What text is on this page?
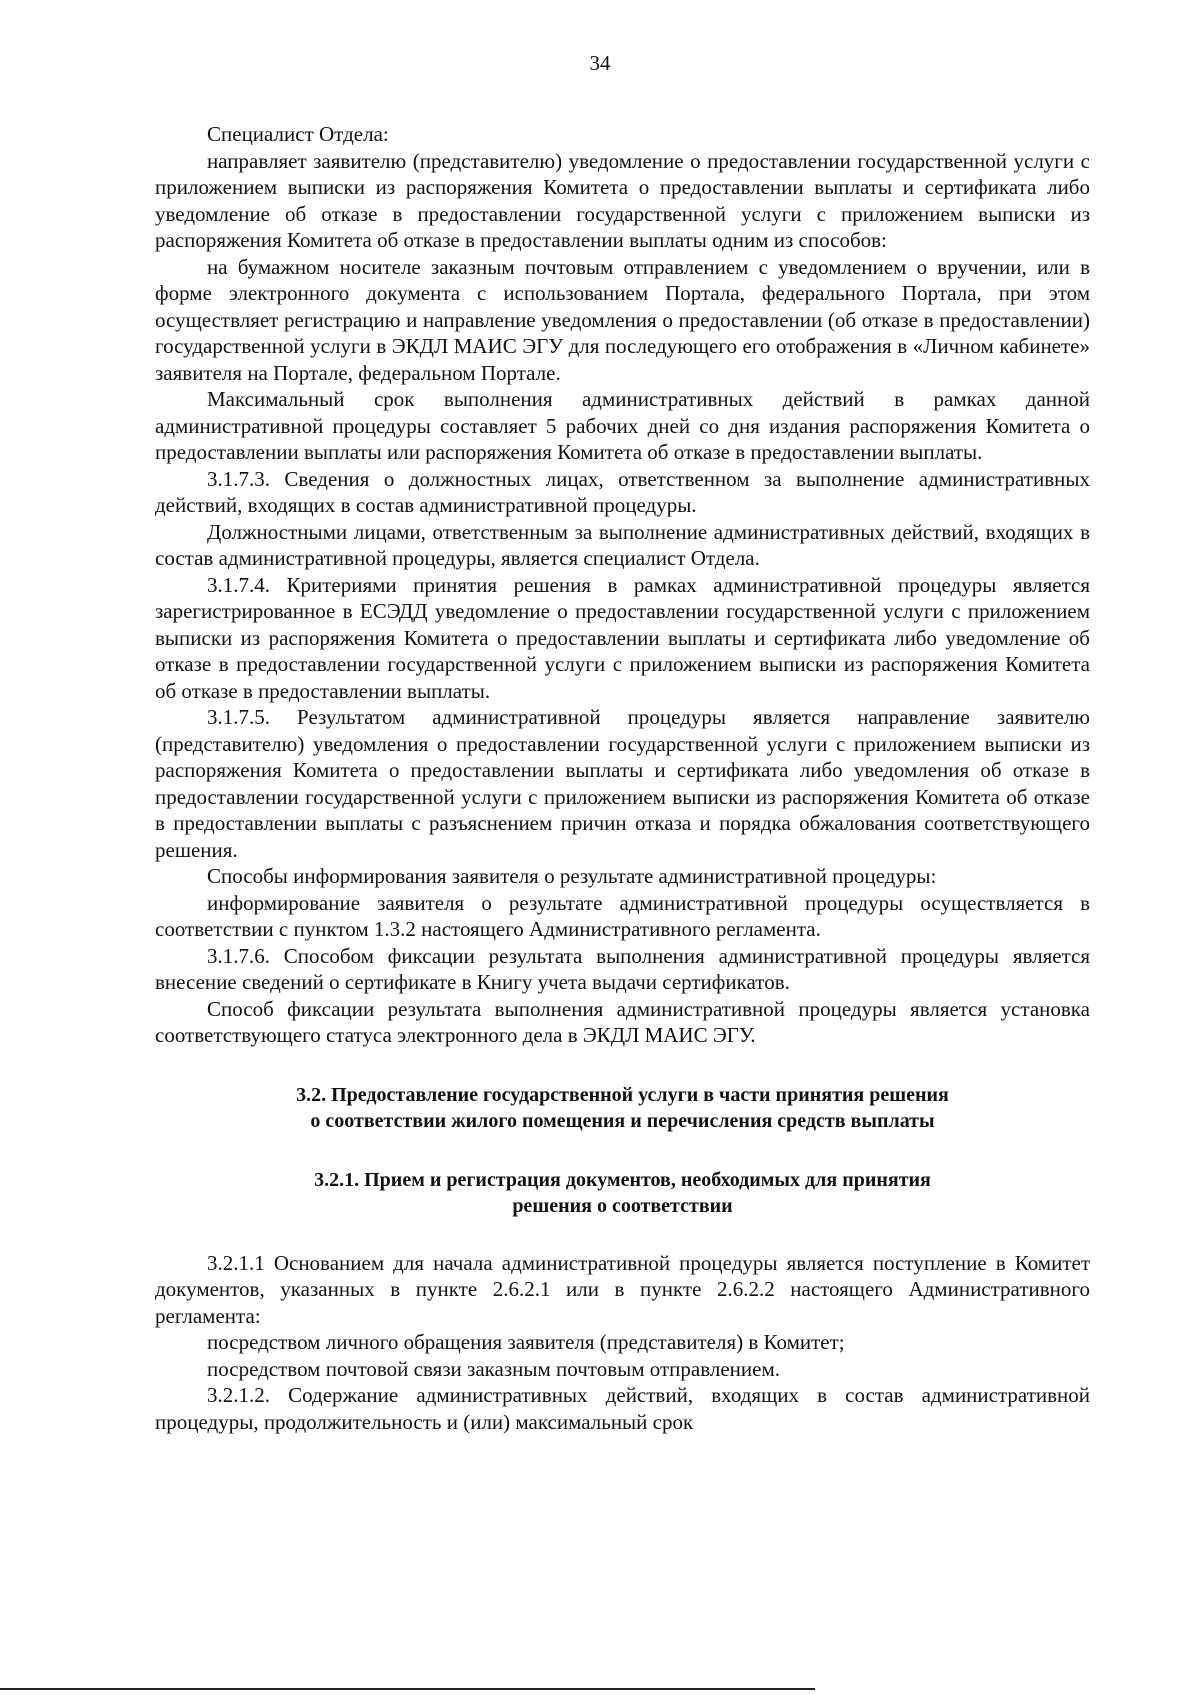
34

Специалист Отдела:

направляет заявителю (представителю) уведомление о предоставлении государственной услуги с приложением выписки из распоряжения Комитета о предоставлении выплаты и сертификата либо уведомление об отказе в предоставлении государственной услуги с приложением выписки из распоряжения Комитета об отказе в предоставлении выплаты одним из способов:

на бумажном носителе заказным почтовым отправлением с уведомлением о вручении, или в форме электронного документа с использованием Портала, федерального Портала, при этом осуществляет регистрацию и направление уведомления о предоставлении (об отказе в предоставлении) государственной услуги в ЭКДЛ МАИС ЭГУ для последующего его отображения в «Личном кабинете» заявителя на Портале, федеральном Портале.

Максимальный срок выполнения административных действий в рамках данной административной процедуры составляет 5 рабочих дней со дня издания распоряжения Комитета о предоставлении выплаты или распоряжения Комитета об отказе в предоставлении выплаты.

3.1.7.3. Сведения о должностных лицах, ответственном за выполнение административных действий, входящих в состав административной процедуры.

Должностными лицами, ответственным за выполнение административных действий, входящих в состав административной процедуры, является специалист Отдела.

3.1.7.4. Критериями принятия решения в рамках административной процедуры является зарегистрированное в ЕСЭДД уведомление о предоставлении государственной услуги с приложением выписки из распоряжения Комитета о предоставлении выплаты и сертификата либо уведомление об отказе в предоставлении государственной услуги с приложением выписки из распоряжения Комитета об отказе в предоставлении выплаты.

3.1.7.5. Результатом административной процедуры является направление заявителю (представителю) уведомления о предоставлении государственной услуги с приложением выписки из распоряжения Комитета о предоставлении выплаты и сертификата либо уведомления об отказе в предоставлении государственной услуги с приложением выписки из распоряжения Комитета об отказе в предоставлении выплаты с разъяснением причин отказа и порядка обжалования соответствующего решения.

Способы информирования заявителя о результате административной процедуры:

информирование заявителя о результате административной процедуры осуществляется в соответствии с пунктом 1.3.2 настоящего Административного регламента.

3.1.7.6. Способом фиксации результата выполнения административной процедуры является внесение сведений о сертификате в Книгу учета выдачи сертификатов.

Способ фиксации результата выполнения административной процедуры является установка соответствующего статуса электронного дела в ЭКДЛ МАИС ЭГУ.

3.2. Предоставление государственной услуги в части принятия решения
о соответствии жилого помещения и перечисления средств выплаты
3.2.1. Прием и регистрация документов, необходимых для принятия
решения о соответствии

3.2.1.1 Основанием для начала административной процедуры является поступление в Комитет документов, указанных в пункте 2.6.2.1 или в пункте 2.6.2.2 настоящего Административного регламента:

посредством личного обращения заявителя (представителя) в Комитет;

посредством почтовой связи заказным почтовым отправлением.

3.2.1.2. Содержание административных действий, входящих в состав административной процедуры, продолжительность и (или) максимальный срок
